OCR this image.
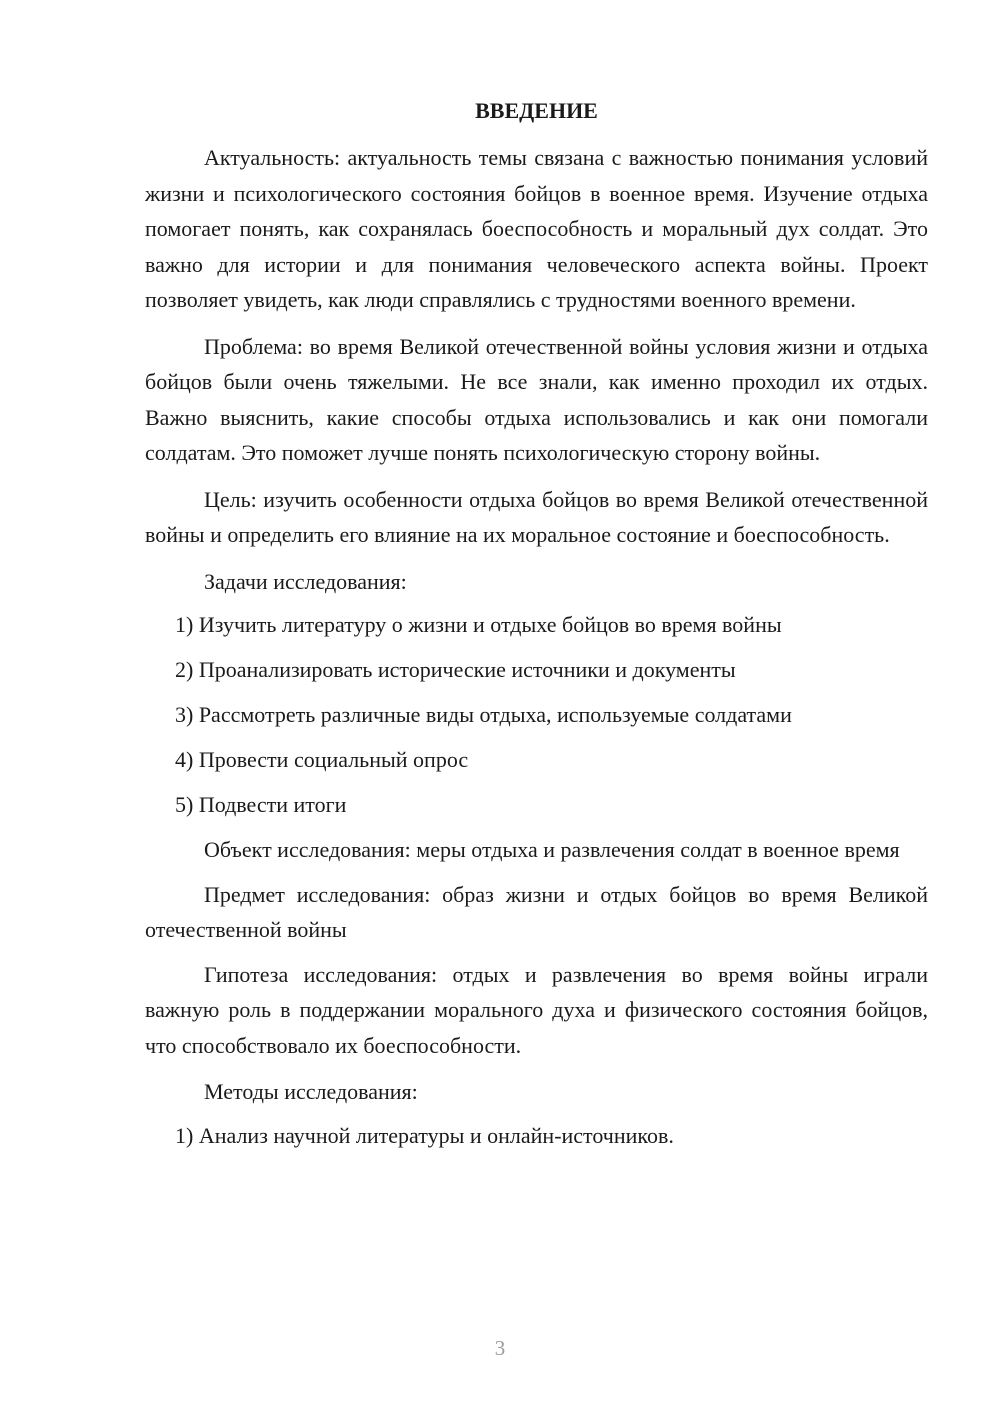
ВВЕДЕНИЕ

Актуальность: актуальность темы связана с важностью понимания условий жизни и психологического состояния бойцов в военное время. Изучение отдыха помогает понять, как сохранялась боеспособность и моральный дух солдат. Это важно для истории и для понимания человеческого аспекта войны. Проект позволяет увидеть, как люди справлялись с трудностями военного времени.

Проблема: во время Великой отечественной войны условия жизни и отдыха бойцов были очень тяжелыми. Не все знали, как именно проходил их отдых. Важно выяснить, какие способы отдыха использовались и как они помогали солдатам. Это поможет лучше понять психологическую сторону войны.

Цель: изучить особенности отдыха бойцов во время Великой отечественной войны и определить его влияние на их моральное состояние и боеспособность.

Задачи исследования:

1) Изучить литературу о жизни и отдыхе бойцов во время войны

2) Проанализировать исторические источники и документы

3) Рассмотреть различные виды отдыха, используемые солдатами

4) Провести социальный опрос

5) Подвести итоги

Объект исследования: меры отдыха и развлечения солдат в военное время

Предмет исследования: образ жизни и отдых бойцов во время Великой отечественной войны

Гипотеза исследования: отдых и развлечения во время войны играли важную роль в поддержании морального духа и физического состояния бойцов, что способствовало их боеспособности.

Методы исследования:

1) Анализ научной литературы и онлайн-источников.

3
